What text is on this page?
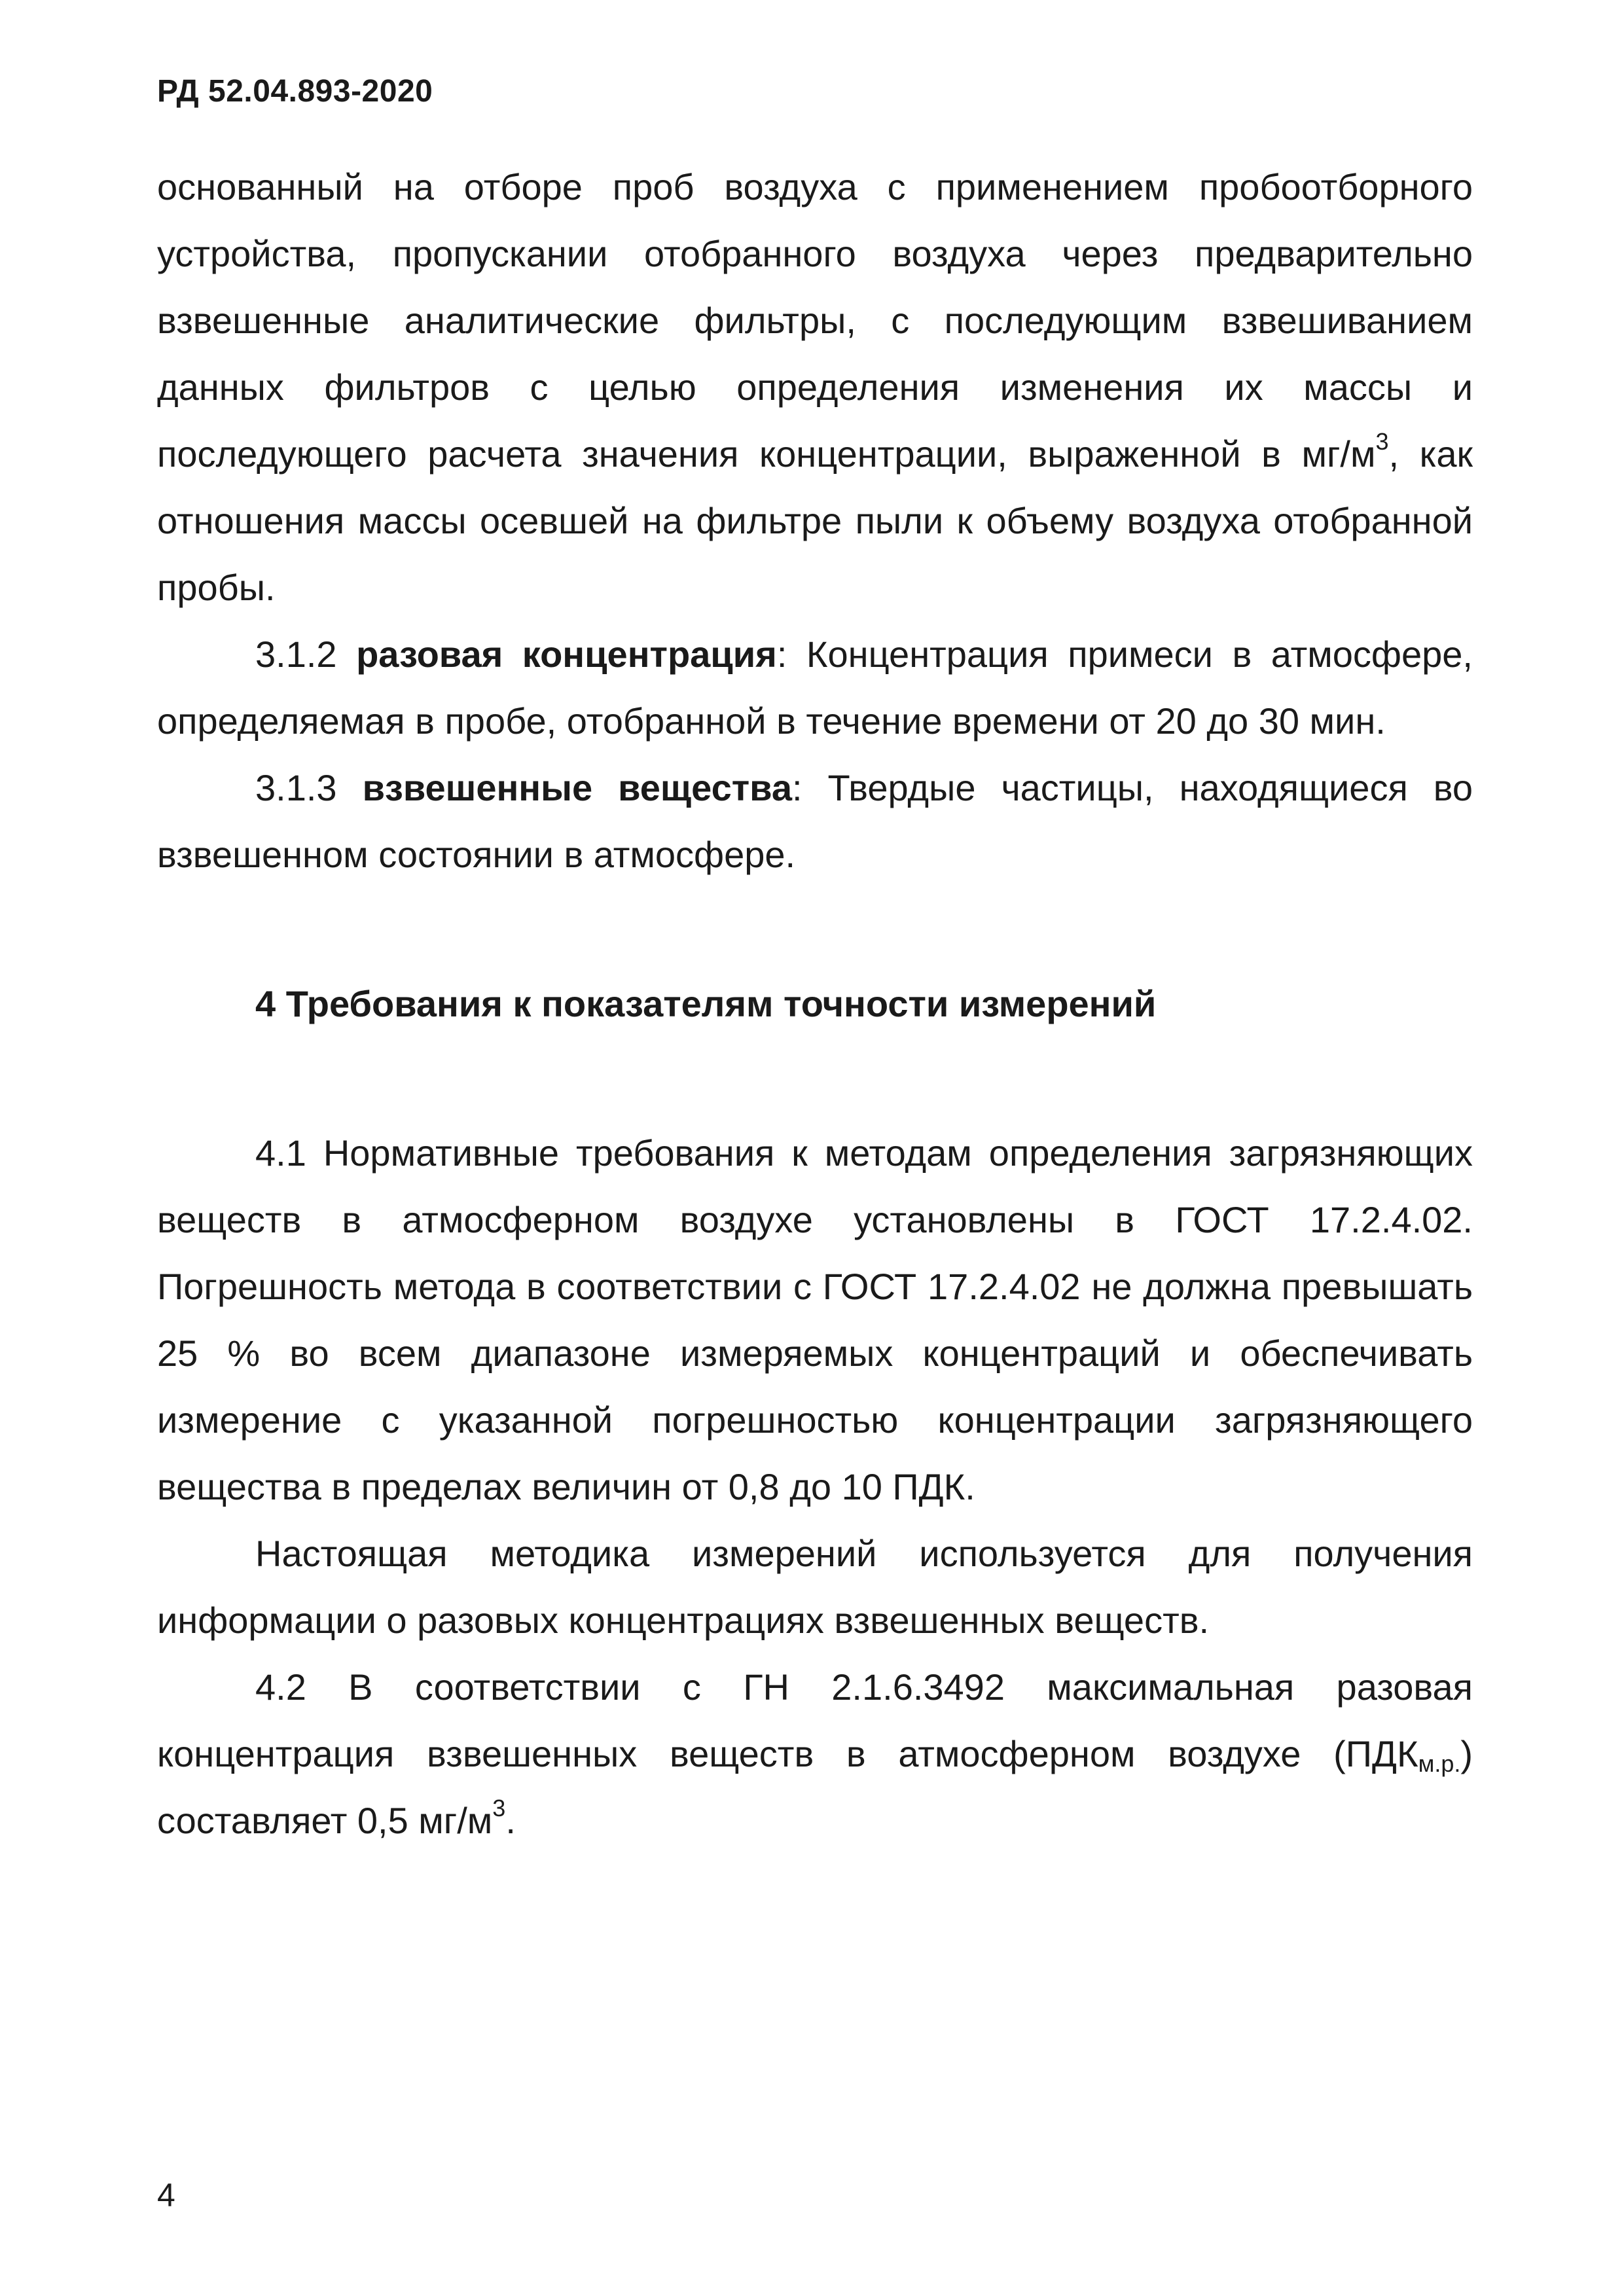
РД 52.04.893-2020

основанный на отборе проб воздуха с применением пробоотборного устройства, пропускании отобранного воздуха через предварительно взвешенные аналитические фильтры, с последующим взвешиванием данных фильтров с целью определения изменения их массы и последующего расчета значения концентрации, выраженной в $мг/м^3$, как отношения массы осевшей на фильтре пыли к объему воздуха отобранной пробы.

3.1.2 разовая концентрация: Концентрация примеси в атмосфере, определяемая в пробе, отобранной в течение времени от 20 до 30 мин.

3.1.3 взвешенные вещества: Твердые частицы, находящиеся во взвешенном состоянии в атмосфере.

4 Требования к показателям точности измерений

4.1 Нормативные требования к методам определения загрязняющих веществ в атмосферном воздухе установлены в ГОСТ 17.2.4.02. Погрешность метода в соответствии с ГОСТ 17.2.4.02 не должна превышать 25 % во всем диапазоне измеряемых концентраций и обеспечивать измерение с указанной погрешностью концентрации загрязняющего вещества в пределах величин от 0,8 до 10 ПДК.

Настоящая методика измерений используется для получения информации о разовых концентрациях взвешенных веществ.

4.2 В соответствии с ГН 2.1.6.3492 максимальная разовая концентрация взвешенных веществ в атмосферном воздухе $(ПДК_{м.р.})$ составляет 0,5 $мг/м^3$.

4
